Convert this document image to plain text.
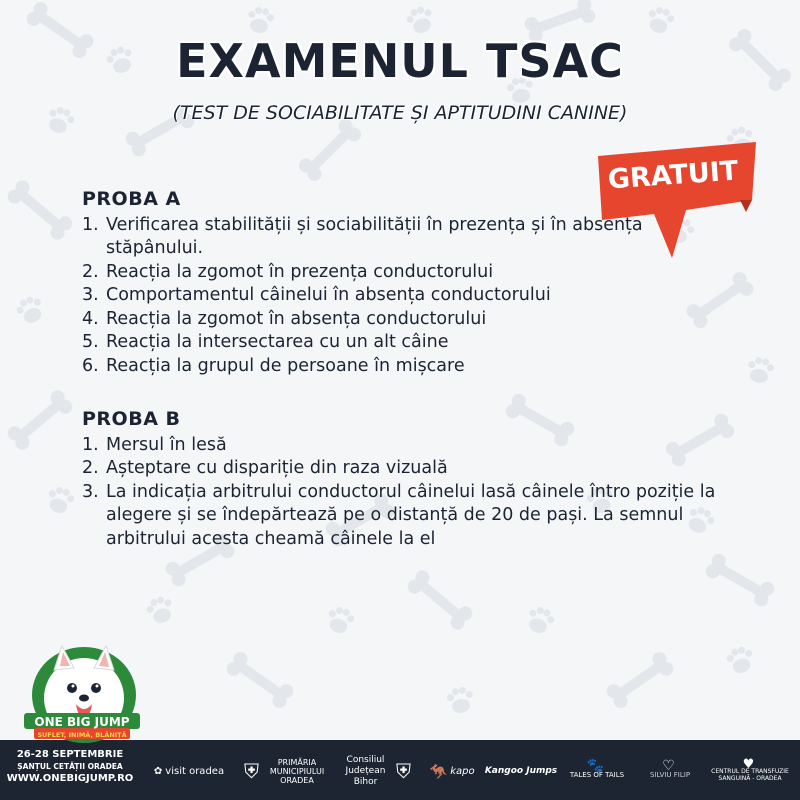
EXAMENUL TSAC
(TEST DE SOCIABILITATE ȘI APTITUDINI CANINE)
GRATUIT
PROBA A
1. Verificarea stabilității și sociabilității în prezența și în absența stăpânului.
2. Reacția la zgomot în prezența conductorului
3. Comportamentul câinelui în absența conductorului
4. Reacția la zgomot în absența conductorului
5. Reacția la intersectarea cu un alt câine
6. Reacția la grupul de persoane în mișcare
PROBA B
1. Mersul în lesă
2. Așteptare cu dispariție din raza vizuală
3. La indicația arbitrului conductorul câinelui lasă câinele întro poziție la alegere și se îndepărtează pe o distanță de 20 de pași. La semnul arbitrului acesta cheamă câinele la el
ONE BIG JUMP
SUFLET, INIMĂ, BLĂNIȚĂ
26-28 SEPTEMBRIE
ȘANȚUL CETĂȚII ORADEA
WWW.ONEBIGJUMP.RO
✿ visit oradea ⛨	PRIMĂRIA MUNICIPIULUI ORADEA
Consiliul Județean Bihor ⛨ 🦘 kapo Kangoo Jumps 🐾
TALES OF TAILS
♡
SILVIU FILIP
♥
CENTRUL DE TRANSFUZIE SANGUINĂ - ORADEA
